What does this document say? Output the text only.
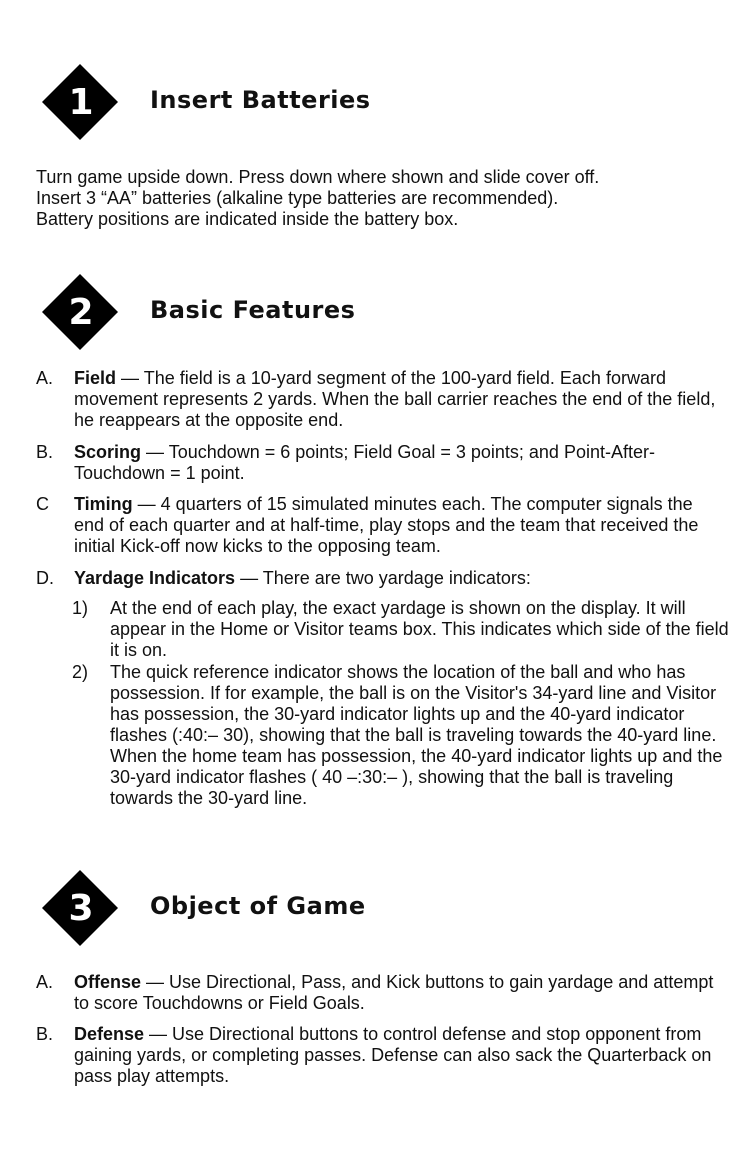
1 Insert Batteries
Turn game upside down. Press down where shown and slide cover off.
Insert 3 “AA” batteries (alkaline type batteries are recommended).
Battery positions are indicated inside the battery box.
2 Basic Features
A. Field — The field is a 10-yard segment of the 100-yard field. Each forward movement represents 2 yards. When the ball carrier reaches the end of the field, he reappears at the opposite end.
B. Scoring — Touchdown = 6 points; Field Goal = 3 points; and Point-After-Touchdown = 1 point.
C Timing — 4 quarters of 15 simulated minutes each. The computer signals the end of each quarter and at half-time, play stops and the team that received the initial Kick-off now kicks to the opposing team.
D. Yardage Indicators — There are two yardage indicators:
1) At the end of each play, the exact yardage is shown on the display. It will appear in the Home or Visitor teams box. This indicates which side of the field it is on.
2) The quick reference indicator shows the location of the ball and who has possession. If for example, the ball is on the Visitor's 34-yard line and Visitor has possession, the 30-yard indicator lights up and the 40-yard indicator flashes (:40:– 30), showing that the ball is traveling towards the 40-yard line. When the home team has possession, the 40-yard indicator lights up and the 30-yard indicator flashes ( 40 –:30:– ), showing that the ball is traveling towards the 30-yard line.
3 Object of Game
A. Offense — Use Directional, Pass, and Kick buttons to gain yardage and attempt to score Touchdowns or Field Goals.
B. Defense — Use Directional buttons to control defense and stop opponent from gaining yards, or completing passes. Defense can also sack the Quarterback on pass play attempts.
